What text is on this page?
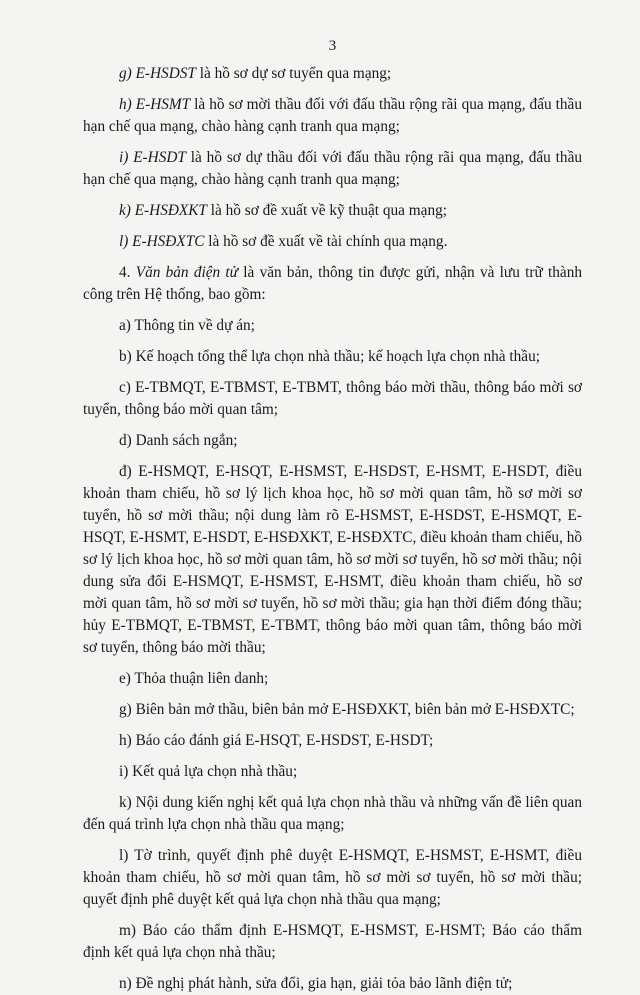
3

g) E-HSDST là hồ sơ dự sơ tuyển qua mạng;

h) E-HSMT là hồ sơ mời thầu đối với đấu thầu rộng rãi qua mạng, đấu thầu hạn chế qua mạng, chào hàng cạnh tranh qua mạng;

i) E-HSDT là hồ sơ dự thầu đối với đấu thầu rộng rãi qua mạng, đấu thầu hạn chế qua mạng, chào hàng cạnh tranh qua mạng;

k) E-HSĐXKT là hồ sơ đề xuất về kỹ thuật qua mạng;

l) E-HSĐXTC là hồ sơ đề xuất về tài chính qua mạng.

4. Văn bản điện tử là văn bản, thông tin được gửi, nhận và lưu trữ thành công trên Hệ thống, bao gồm:

a) Thông tin về dự án;

b) Kế hoạch tổng thể lựa chọn nhà thầu; kế hoạch lựa chọn nhà thầu;

c) E-TBMQT, E-TBMST, E-TBMT, thông báo mời thầu, thông báo mời sơ tuyển, thông báo mời quan tâm;

d) Danh sách ngắn;

đ) E-HSMQT, E-HSQT, E-HSMST, E-HSDST, E-HSMT, E-HSDT, điều khoản tham chiếu, hồ sơ lý lịch khoa học, hồ sơ mời quan tâm, hồ sơ mời sơ tuyển, hồ sơ mời thầu; nội dung làm rõ E-HSMST, E-HSDST, E-HSMQT, E-HSQT, E-HSMT, E-HSDT, E-HSĐXKT, E-HSĐXTC, điều khoản tham chiếu, hồ sơ lý lịch khoa học, hồ sơ mời quan tâm, hồ sơ mời sơ tuyển, hồ sơ mời thầu; nội dung sửa đổi E-HSMQT, E-HSMST, E-HSMT, điều khoản tham chiếu, hồ sơ mời quan tâm, hồ sơ mời sơ tuyển, hồ sơ mời thầu; gia hạn thời điểm đóng thầu; hủy E-TBMQT, E-TBMST, E-TBMT, thông báo mời quan tâm, thông báo mời sơ tuyển, thông báo mời thầu;

e) Thỏa thuận liên danh;

g) Biên bản mở thầu, biên bản mở E-HSĐXKT, biên bản mở E-HSĐXTC;

h) Báo cáo đánh giá E-HSQT, E-HSDST, E-HSDT;

i) Kết quả lựa chọn nhà thầu;

k) Nội dung kiến nghị kết quả lựa chọn nhà thầu và những vấn đề liên quan đến quá trình lựa chọn nhà thầu qua mạng;

l) Tờ trình, quyết định phê duyệt E-HSMQT, E-HSMST, E-HSMT, điều khoản tham chiếu, hồ sơ mời quan tâm, hồ sơ mời sơ tuyển, hồ sơ mời thầu; quyết định phê duyệt kết quả lựa chọn nhà thầu qua mạng;

m) Báo cáo thẩm định E-HSMQT, E-HSMST, E-HSMT; Báo cáo thẩm định kết quả lựa chọn nhà thầu;

n) Đề nghị phát hành, sửa đổi, gia hạn, giải tỏa bảo lãnh điện tử;
